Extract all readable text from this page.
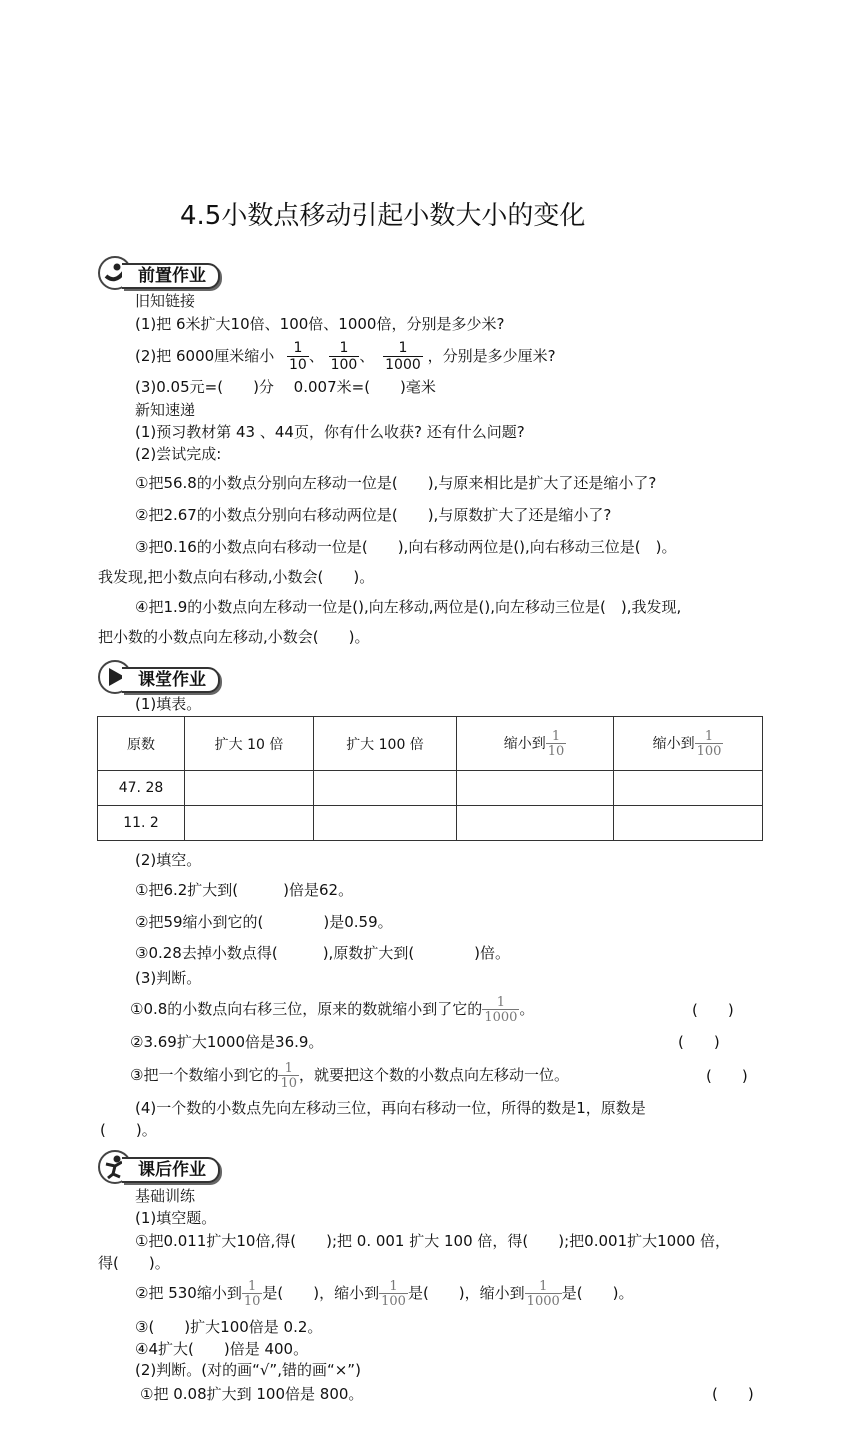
4.5小数点移动引起小数大小的变化
前置作业
旧知链接
(1)把 6米扩大10倍、100倍、1000倍，分别是多少米?
(2)把 6000厘米缩小 $\frac{1}{10}$ 、 $\frac{1}{100}$ 、 $\frac{1}{1000}$ ，分别是多少厘米?
(3)0.05元=(　　)分　 0.007米=(　　)毫米
新知速递
(1)预习教材第 43 、44页，你有什么收获? 还有什么问题?
(2)尝试完成:
①把56.8的小数点分别向左移动一位是(　　),与原来相比是扩大了还是缩小了?
②把2.67的小数点分别向右移动两位是(　　),与原数扩大了还是缩小了?
③把0.16的小数点向右移动一位是(　　),向右移动两位是(),向右移动三位是(　)。
我发现,把小数点向右移动,小数会(　　)。
④把1.9的小数点向左移动一位是(),向左移动,两位是(),向左移动三位是(　),我发现,
把小数的小数点向左移动,小数会(　　)。
课堂作业
(1)填表。
原数	扩大 10 倍	扩大 100 倍	缩小到 $\frac{1}{10}$	缩小到 $\frac{1}{100}$

47. 28				
11. 2				
(2)填空。
①把6.2扩大到(　　　)倍是62。
②把59缩小到它的(　　　　)是0.59。
③0.28去掉小数点得(　　　),原数扩大到(　　　　)倍。
(3)判断。
①0.8的小数点向右移三位，原来的数就缩小到了它的 $\frac{1}{1000}$ 。	(　　)
②3.69扩大1000倍是36.9。	(　　)
③把一个数缩小到它的 $\frac{1}{10}$ ，就要把这个数的小数点向左移动一位。	(　　)
(4)一个数的小数点先向左移动三位，再向右移动一位，所得的数是1，原数是
(　　)。
课后作业
基础训练
(1)填空题。
①把0.011扩大10倍,得(　　);把 0. 001 扩大 100 倍，得(　　);把0.001扩大1000 倍，
得(　　)。
②把 530缩小到 $\frac{1}{10}$ 是(　　)，缩小到 $\frac{1}{100}$ 是(　　)，缩小到 $\frac{1}{1000}$ 是(　　)。
③(　　)扩大100倍是 0.2。
④4扩大(　　)倍是 400。
(2)判断。(对的画“√”,错的画“×”)
①把 0.08扩大到 100倍是 800。	(　　)
